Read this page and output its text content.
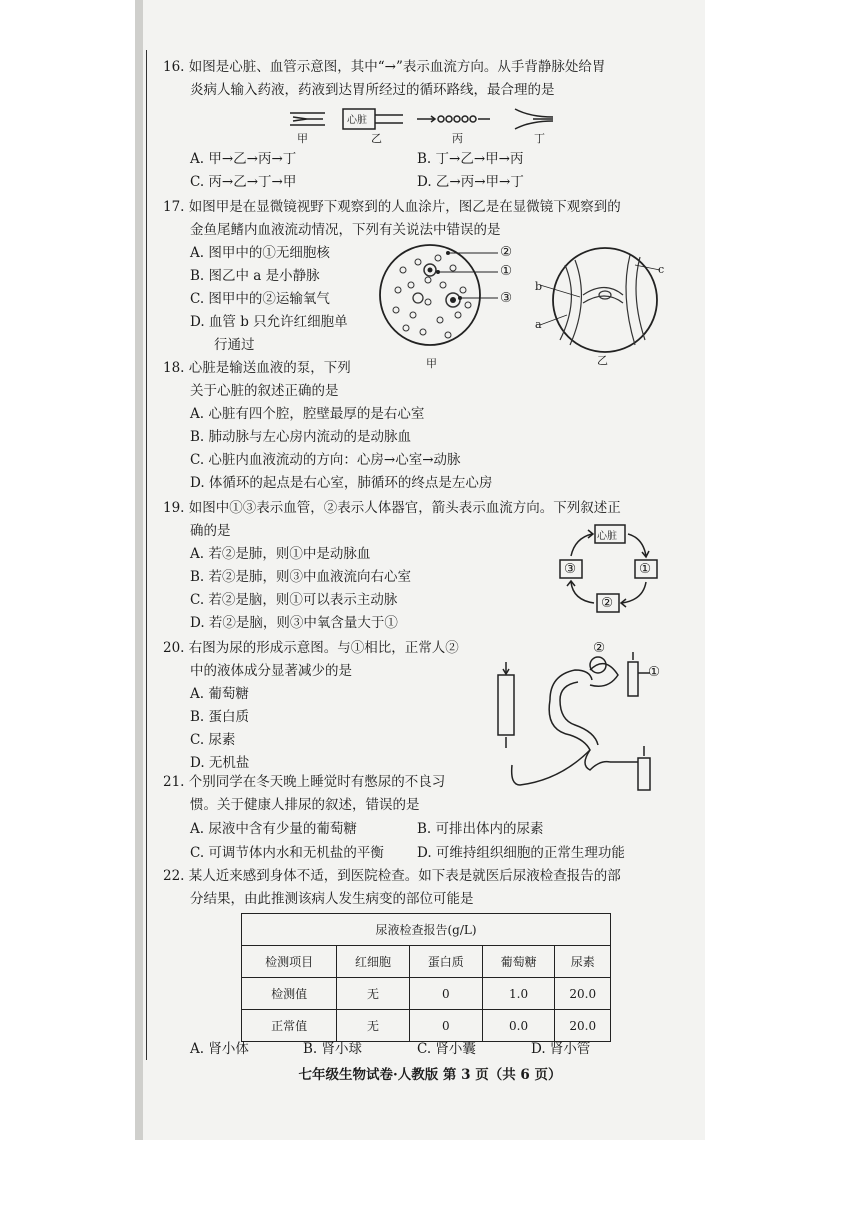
16. 如图是心脏、血管示意图，其中“→”表示血流方向。从手背静脉处给胃
炎病人输入药液，药液到达胃所经过的循环路线，最合理的是
心脏
甲	乙	丙	丁
A. 甲→乙→丙→丁	B. 丁→乙→甲→丙
C. 丙→乙→丁→甲	D. 乙→丙→甲→丁
17. 如图甲是在显微镜视野下观察到的人血涂片，图乙是在显微镜下观察到的
金鱼尾鳍内血液流动情况，下列有关说法中错误的是
A. 图甲中的①无细胞核
B. 图乙中 a 是小静脉
C. 图甲中的②运输氧气
D. 血管 b 只允许红细胞单
行通过
②
①
③
甲
b
a
c
乙
18. 心脏是输送血液的泵，下列
关于心脏的叙述正确的是
A. 心脏有四个腔，腔壁最厚的是右心室
B. 肺动脉与左心房内流动的是动脉血
C. 心脏内血液流动的方向：心房→心室→动脉
D. 体循环的起点是右心室，肺循环的终点是左心房
19. 如图中①③表示血管，②表示人体器官，箭头表示血流方向。下列叙述正
确的是
A. 若②是肺，则①中是动脉血
B. 若②是肺，则③中血液流向右心室
C. 若②是脑，则①可以表示主动脉
D. 若②是脑，则③中氧含量大于①
心脏
③	①
②
20. 右图为尿的形成示意图。与①相比，正常人②
中的液体成分显著减少的是
A. 葡萄糖
B. 蛋白质
C. 尿素
D. 无机盐
②
①
21. 个别同学在冬天晚上睡觉时有憋尿的不良习
惯。关于健康人排尿的叙述，错误的是
A. 尿液中含有少量的葡萄糖	B. 可排出体内的尿素
C. 可调节体内水和无机盐的平衡 D. 可维持组织细胞的正常生理功能
22. 某人近来感到身体不适，到医院检查。如下表是就医后尿液检查报告的部
分结果，由此推测该病人发生病变的部位可能是
尿液检查报告(g/L)				
检测项目	红细胞	蛋白质	葡萄糖	尿素
检测值	无	0	1.0	20.0
正常值	无	0	0.0	20.0
A. 肾小体	B. 肾小球	C. 肾小囊	D. 肾小管
七年级生物试卷·人教版 第 3 页（共 6 页）
